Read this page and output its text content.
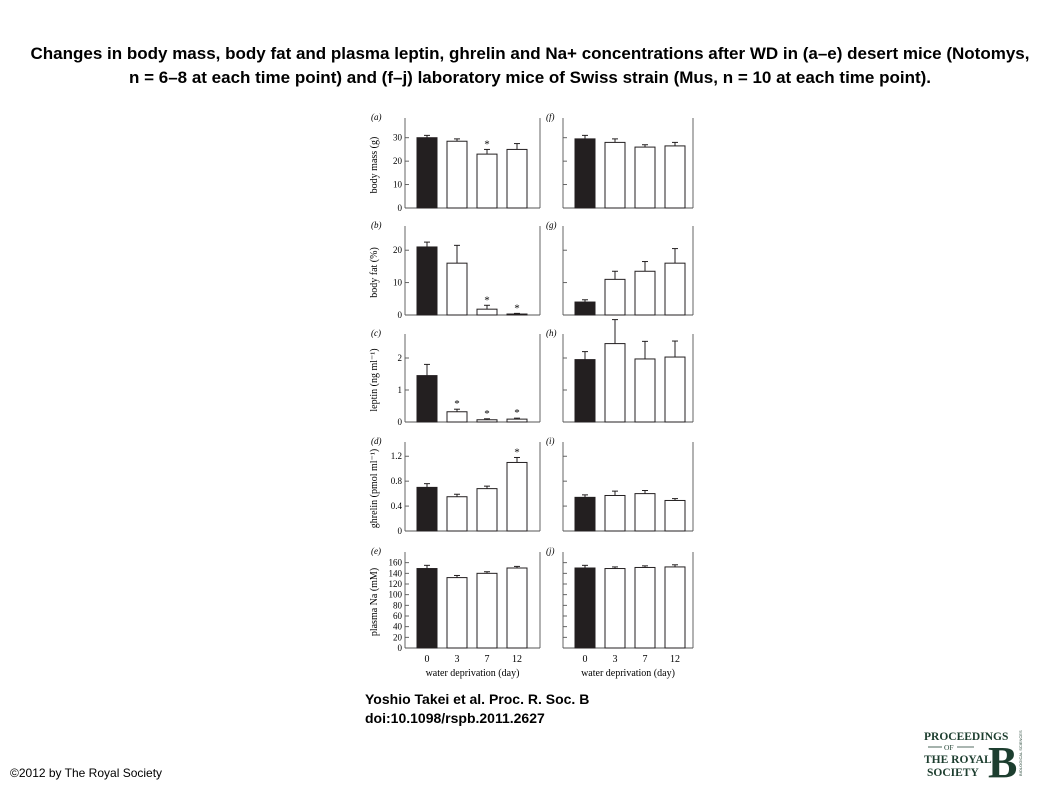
Changes in body mass, body fat and plasma leptin, ghrelin and Na+ concentrations after WD in (a–e) desert mice (Notomys, n = 6–8 at each time point) and (f–j) laboratory mice of Swiss strain (Mus, n = 10 at each time point).
body mass (g)
(a)
0
10
20
30
*
(f)
body fat (%)
(b)
0
10
20
*
*
(g)
leptin (ng ml⁻¹)
(c)
0
1
2
*
* *
(h)
ghrelin (pmol ml⁻¹)
(d)
0
0.4
0.8
1.2	*
(i)
plasma Na (mM)
(e)
0
20
40
60
80
100
120
140
160
0	3	7 12
water deprivation (day)
(j)
0	3	7 12
water deprivation (day)
Yoshio Takei et al. Proc. R. Soc. B
doi:10.1098/rspb.2011.2627
©2012 by The Royal Society
PROCEEDINGS
OF
THE ROYAL
SOCIETY B BIOLOGICAL SCIENCES
